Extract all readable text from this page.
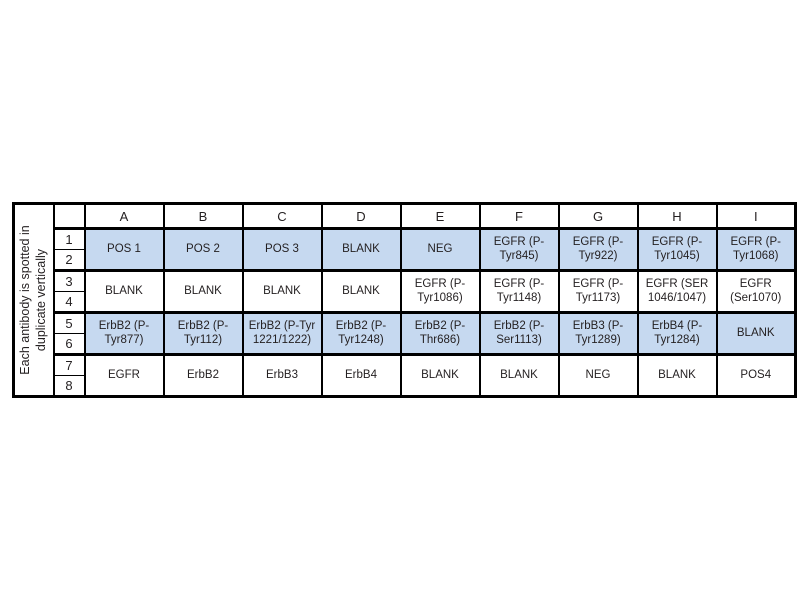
Each antibody is spotted in duplicate vertically		A	B	C	D	E	F	G	H	I
	1	POS 1	POS 2	POS 3	BLANK	NEG	EGFR (P-Tyr845)	EGFR (P-Tyr922)	EGFR (P-Tyr1045)	EGFR (P-Tyr1068)
	2									
	3	BLANK	BLANK	BLANK	BLANK	EGFR (P-Tyr1086)	EGFR (P-Tyr1148)	EGFR (P-Tyr1173)	EGFR (SER 1046/1047)	EGFR (Ser1070)
	4									
	5	ErbB2 (P-Tyr877)	ErbB2 (P-Tyr112)	ErbB2 (P-Tyr 1221/1222)	ErbB2 (P-Tyr1248)	ErbB2 (P-Thr686)	ErbB2 (P-Ser1113)	ErbB3 (P-Tyr1289)	ErbB4 (P-Tyr1284)	BLANK
	6									
	7	EGFR	ErbB2	ErbB3	ErbB4	BLANK	BLANK	NEG	BLANK	POS4
	8									
